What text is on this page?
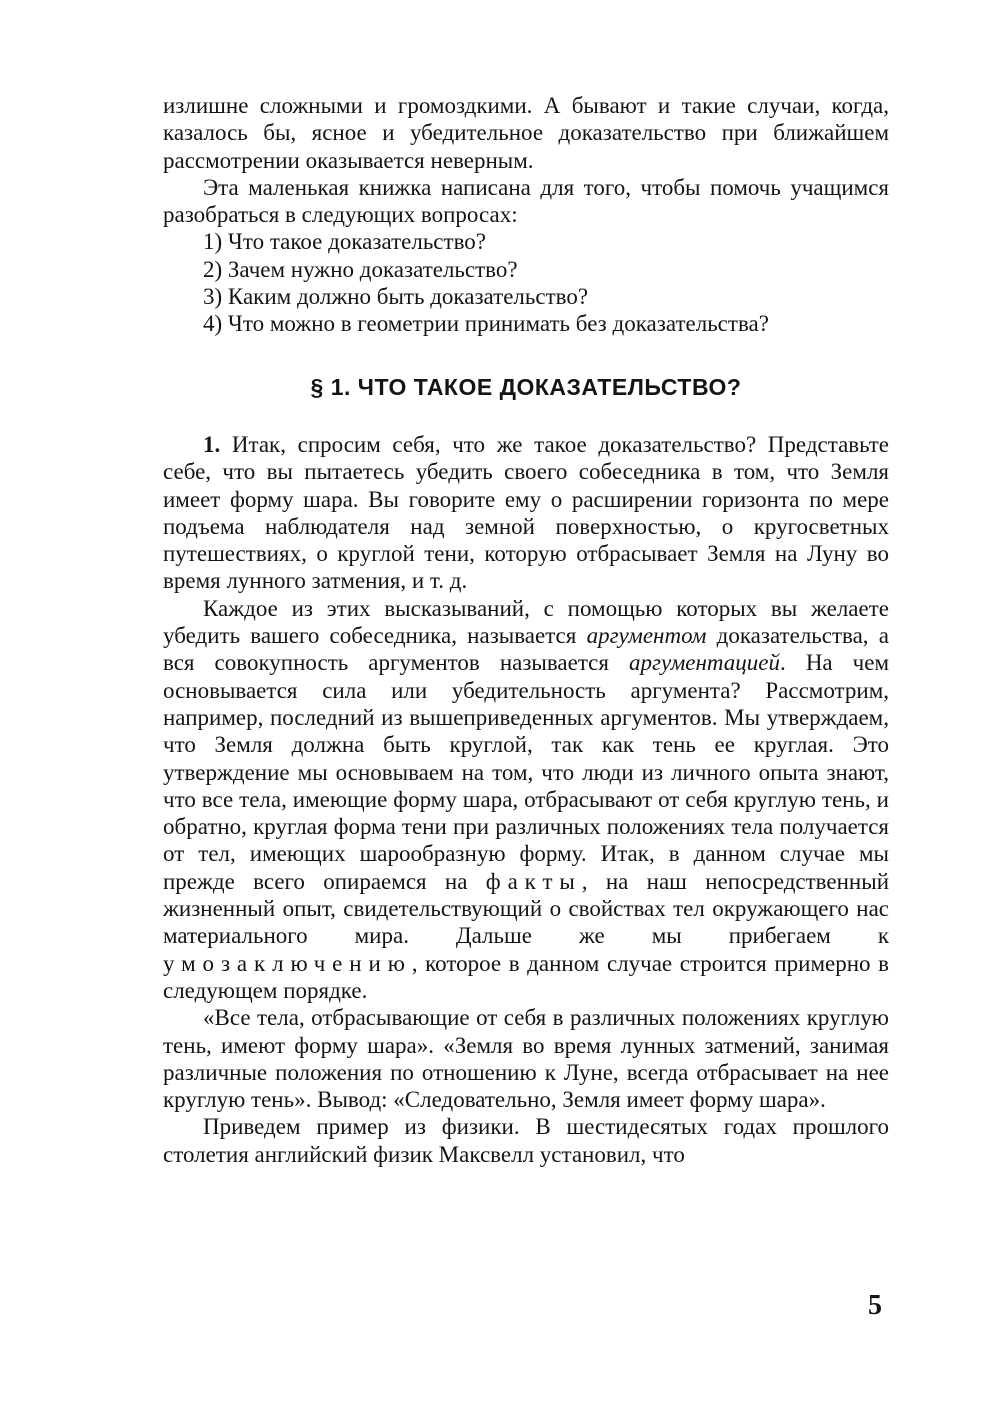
излишне сложными и громоздкими. А бывают и такие случаи, когда, казалось бы, ясное и убедительное доказательство при ближайшем рассмотрении оказывается неверным.

Эта маленькая книжка написана для того, чтобы помочь учащимся разобраться в следующих вопросах:

1) Что такое доказательство?
2) Зачем нужно доказательство?
3) Каким должно быть доказательство?
4) Что можно в геометрии принимать без доказательства?
§ 1. ЧТО ТАКОЕ ДОКАЗАТЕЛЬСТВО?

1. Итак, спросим себя, что же такое доказательство? Представьте себе, что вы пытаетесь убедить своего собеседника в том, что Земля имеет форму шара. Вы говорите ему о расширении горизонта по мере подъема наблюдателя над земной поверхностью, о кругосветных путешествиях, о круглой тени, которую отбрасывает Земля на Луну во время лунного затмения, и т. д.

Каждое из этих высказываний, с помощью которых вы желаете убедить вашего собеседника, называется аргументом доказательства, а вся совокупность аргументов называется аргументацией. На чем основывается сила или убедительность аргумента? Рассмотрим, например, последний из вышеприведенных аргументов. Мы утверждаем, что Земля должна быть круглой, так как тень ее круглая. Это утверждение мы основываем на том, что люди из личного опыта знают, что все тела, имеющие форму шара, отбрасывают от себя круглую тень, и обратно, круглая форма тени при различных положениях тела получается от тел, имеющих шарообразную форму. Итак, в данном случае мы прежде всего опираемся на факты, на наш непосредственный жизненный опыт, свидетельствующий о свойствах тел окружающего нас материального мира. Дальше же мы прибегаем к умозаключению, которое в данном случае строится примерно в следующем порядке.

«Все тела, отбрасывающие от себя в различных положениях круглую тень, имеют форму шара». «Земля во время лунных затмений, занимая различные положения по отношению к Луне, всегда отбрасывает на нее круглую тень». Вывод: «Следовательно, Земля имеет форму шара».

Приведем пример из физики. В шестидесятых годах прошлого столетия английский физик Максвелл установил, что

5
